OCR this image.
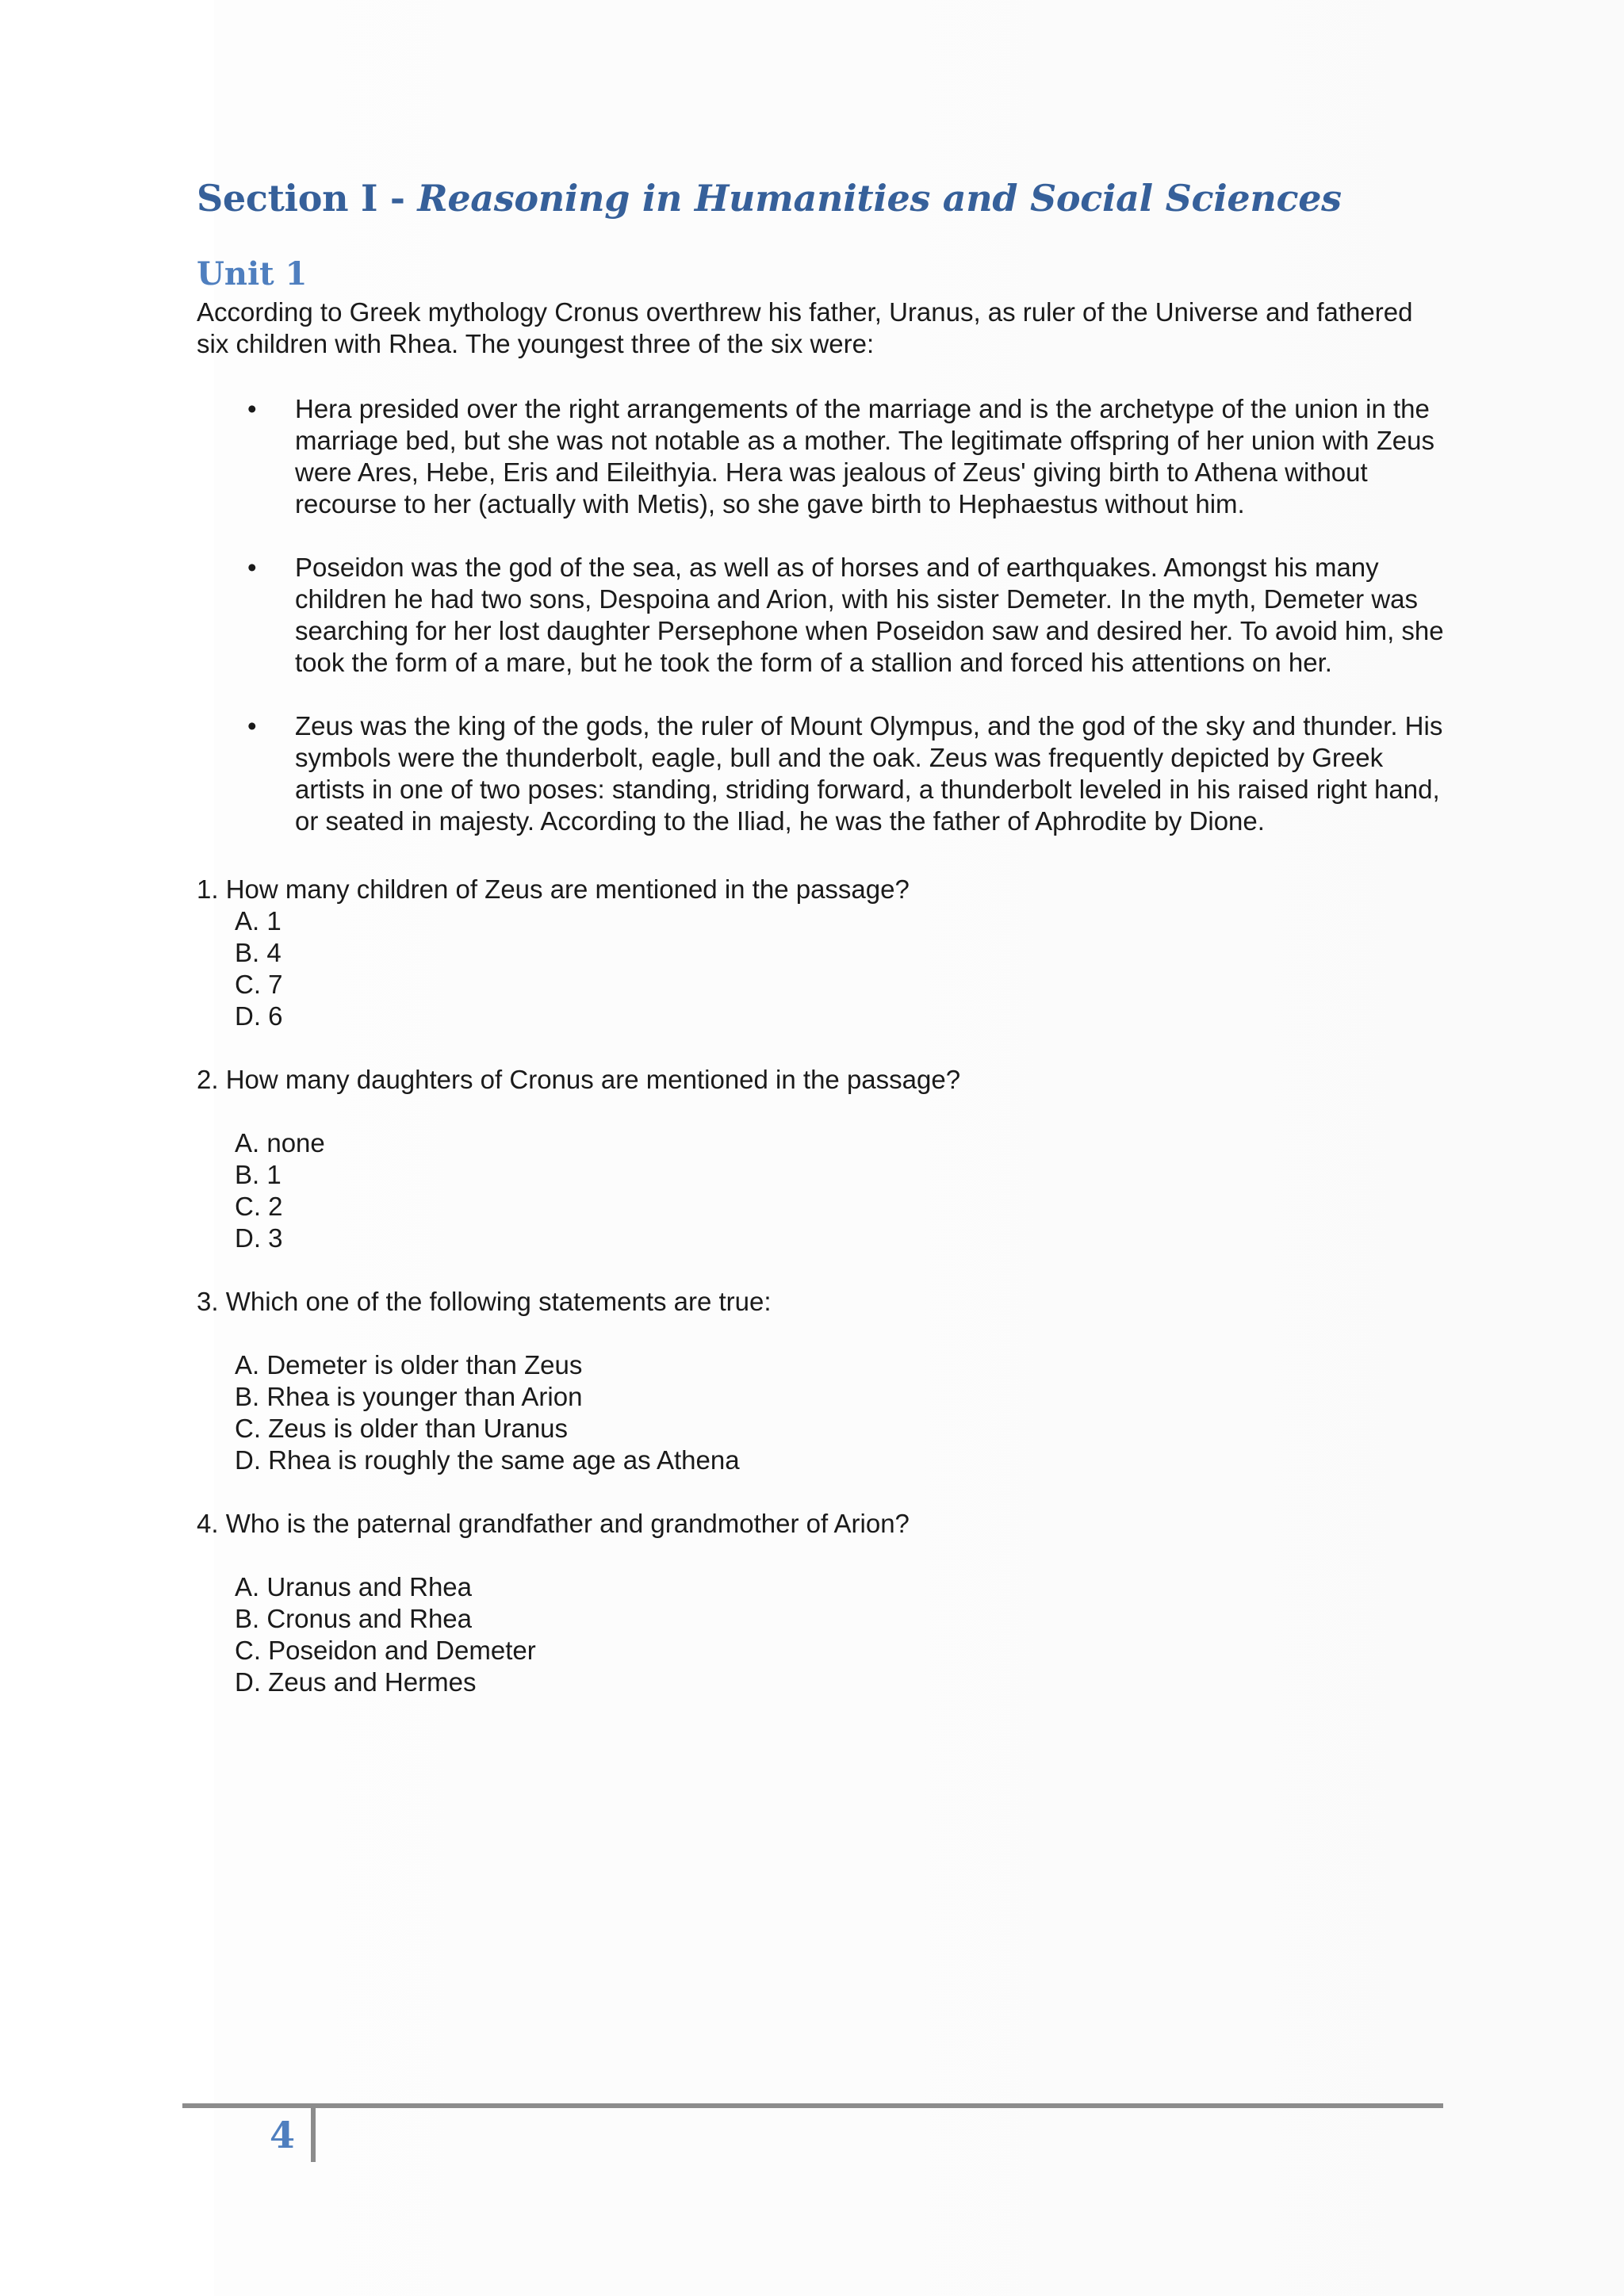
Section I - Reasoning in Humanities and Social Sciences
Unit 1

According to Greek mythology Cronus overthrew his father, Uranus, as ruler of the Universe and fathered six children with Rhea. The youngest three of the six were:

• Hera presided over the right arrangements of the marriage and is the archetype of the union in the marriage bed, but she was not notable as a mother. The legitimate offspring of her union with Zeus were Ares, Hebe, Eris and Eileithyia. Hera was jealous of Zeus' giving birth to Athena without recourse to her (actually with Metis), so she gave birth to Hephaestus without him.
• Poseidon was the god of the sea, as well as of horses and of earthquakes. Amongst his many children he had two sons, Despoina and Arion, with his sister Demeter. In the myth, Demeter was searching for her lost daughter Persephone when Poseidon saw and desired her. To avoid him, she took the form of a mare, but he took the form of a stallion and forced his attentions on her.
• Zeus was the king of the gods, the ruler of Mount Olympus, and the god of the sky and thunder. His symbols were the thunderbolt, eagle, bull and the oak. Zeus was frequently depicted by Greek artists in one of two poses: standing, striding forward, a thunderbolt leveled in his raised right hand, or seated in majesty. According to the Iliad, he was the father of Aphrodite by Dione.
1. How many children of Zeus are mentioned in the passage?
A. 1
B. 4
C. 7
D. 6
2. How many daughters of Cronus are mentioned in the passage?
A. none
B. 1
C. 2
D. 3
3. Which one of the following statements are true:
A. Demeter is older than Zeus
B. Rhea is younger than Arion
C. Zeus is older than Uranus
D. Rhea is roughly the same age as Athena
4. Who is the paternal grandfather and grandmother of Arion?
A. Uranus and Rhea
B. Cronus and Rhea
C. Poseidon and Demeter
D. Zeus and Hermes
4
